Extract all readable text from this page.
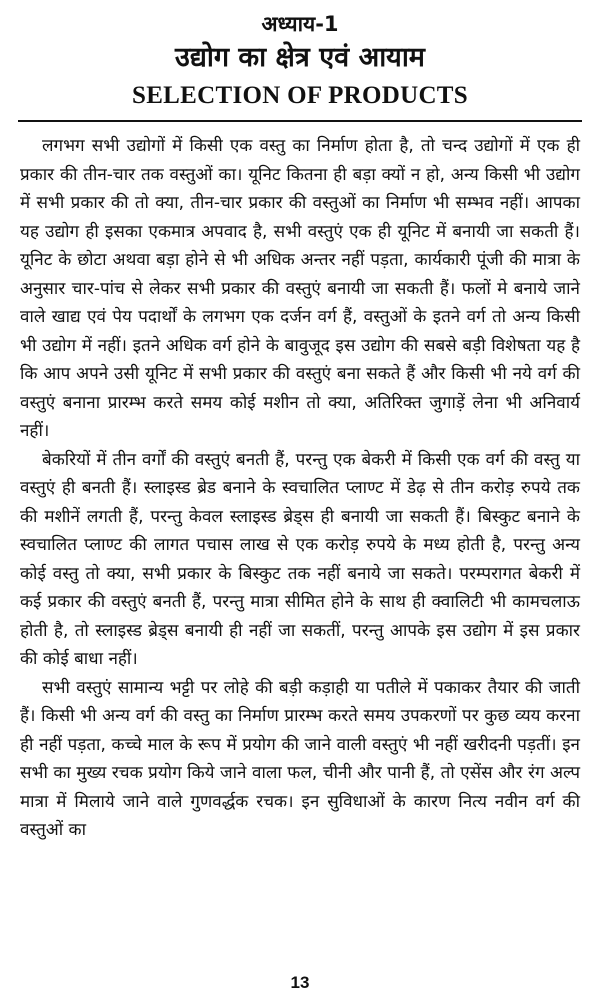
अध्याय-1
उद्योग का क्षेत्र एवं आयाम
SELECTION OF PRODUCTS

लगभग सभी उद्योगों में किसी एक वस्तु का निर्माण होता है, तो चन्द उद्योगों में एक ही प्रकार की तीन-चार तक वस्तुओं का। यूनिट कितना ही बड़ा क्यों न हो, अन्य किसी भी उद्योग में सभी प्रकार की तो क्या, तीन-चार प्रकार की वस्तुओं का निर्माण भी सम्भव नहीं। आपका यह उद्योग ही इसका एकमात्र अपवाद है, सभी वस्तुएं एक ही यूनिट में बनायी जा सकती हैं। यूनिट के छोटा अथवा बड़ा होने से भी अधिक अन्तर नहीं पड़ता, कार्यकारी पूंजी की मात्रा के अनुसार चार-पांच से लेकर सभी प्रकार की वस्तुएं बनायी जा सकती हैं। फलों मे बनाये जाने वाले खाद्य एवं पेय पदार्थों के लगभग एक दर्जन वर्ग हैं, वस्तुओं के इतने वर्ग तो अन्य किसी भी उद्योग में नहीं। इतने अधिक वर्ग होने के बावुजूद इस उद्योग की सबसे बड़ी विशेषता यह है कि आप अपने उसी यूनिट में सभी प्रकार की वस्तुएं बना सकते हैं और किसी भी नये वर्ग की वस्तुएं बनाना प्रारम्भ करते समय कोई मशीन तो क्या, अतिरिक्त जुगाड़ें लेना भी अनिवार्य नहीं।

बेकरियों में तीन वर्गों की वस्तुएं बनती हैं, परन्तु एक बेकरी में किसी एक वर्ग की वस्तु या वस्तुएं ही बनती हैं। स्लाइस्ड ब्रेड बनाने के स्वचालित प्लाण्ट में डेढ़ से तीन करोड़ रुपये तक की मशीनें लगती हैं, परन्तु केवल स्लाइस्ड ब्रेड्स ही बनायी जा सकती हैं। बिस्कुट बनाने के स्वचालित प्लाण्ट की लागत पचास लाख से एक करोड़ रुपये के मध्य होती है, परन्तु अन्य कोई वस्तु तो क्या, सभी प्रकार के बिस्कुट तक नहीं बनाये जा सकते। परम्परागत बेकरी में कई प्रकार की वस्तुएं बनती हैं, परन्तु मात्रा सीमित होने के साथ ही क्वालिटी भी कामचलाऊ होती है, तो स्लाइस्ड ब्रेड्स बनायी ही नहीं जा सकतीं, परन्तु आपके इस उद्योग में इस प्रकार की कोई बाधा नहीं।

सभी वस्तुएं सामान्य भट्टी पर लोहे की बड़ी कड़ाही या पतीले में पकाकर तैयार की जाती हैं। किसी भी अन्य वर्ग की वस्तु का निर्माण प्रारम्भ करते समय उपकरणों पर कुछ व्यय करना ही नहीं पड़ता, कच्चे माल के रूप में प्रयोग की जाने वाली वस्तुएं भी नहीं खरीदनी पड़तीं। इन सभी का मुख्य रचक प्रयोग किये जाने वाला फल, चीनी और पानी हैं, तो एसेंस और रंग अल्प मात्रा में मिलाये जाने वाले गुणवर्द्धक रचक। इन सुविधाओं के कारण नित्य नवीन वर्ग की वस्तुओं का

13
